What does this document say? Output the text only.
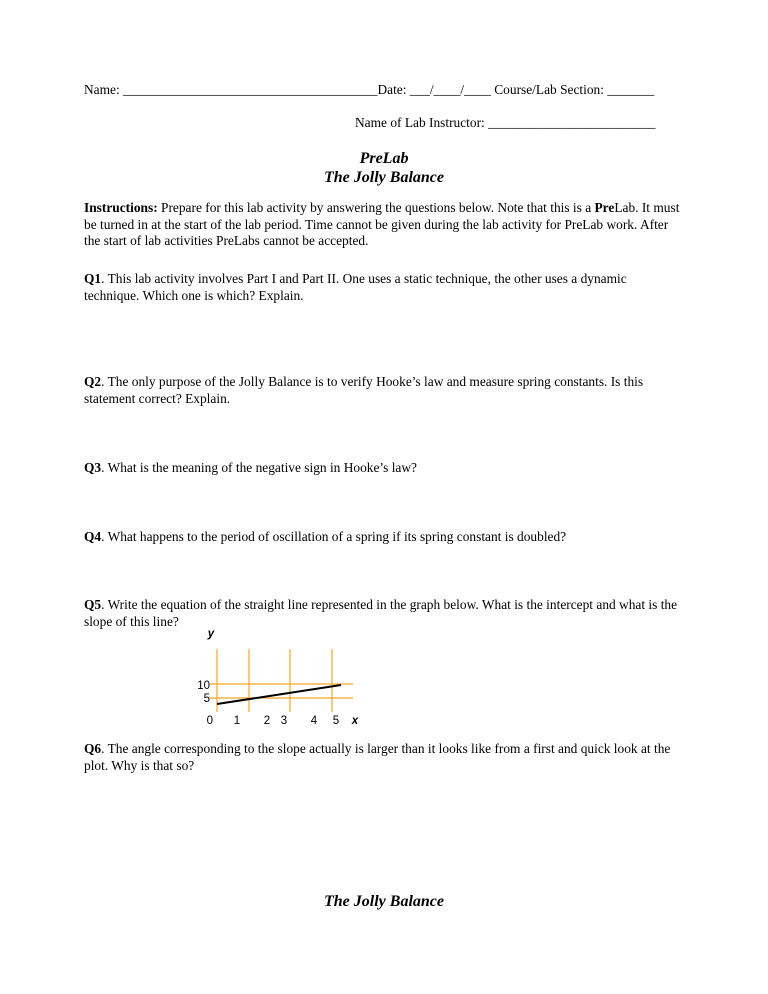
Name: ______________________________________Date: ___/____/____ Course/Lab Section: _______
Name of Lab Instructor: _________________________
PreLab
The Jolly Balance
Instructions: Prepare for this lab activity by answering the questions below. Note that this is a PreLab. It must be turned in at the start of the lab period. Time cannot be given during the lab activity for PreLab work. After the start of lab activities PreLabs cannot be accepted.
Q1. This lab activity involves Part I and Part II. One uses a static technique, the other uses a dynamic technique. Which one is which? Explain.
Q2. The only purpose of the Jolly Balance is to verify Hooke’s law and measure spring constants. Is this statement correct? Explain.
Q3. What is the meaning of the negative sign in Hooke’s law?
Q4. What happens to the period of oscillation of a spring if its spring constant is doubled?
Q5. Write the equation of the straight line represented in the graph below. What is the intercept and what is the slope of this line?
y
10
5
0 1 2 3 4 5 x
Q6. The angle corresponding to the slope actually is larger than it looks like from a first and quick look at the plot. Why is that so?
The Jolly Balance
